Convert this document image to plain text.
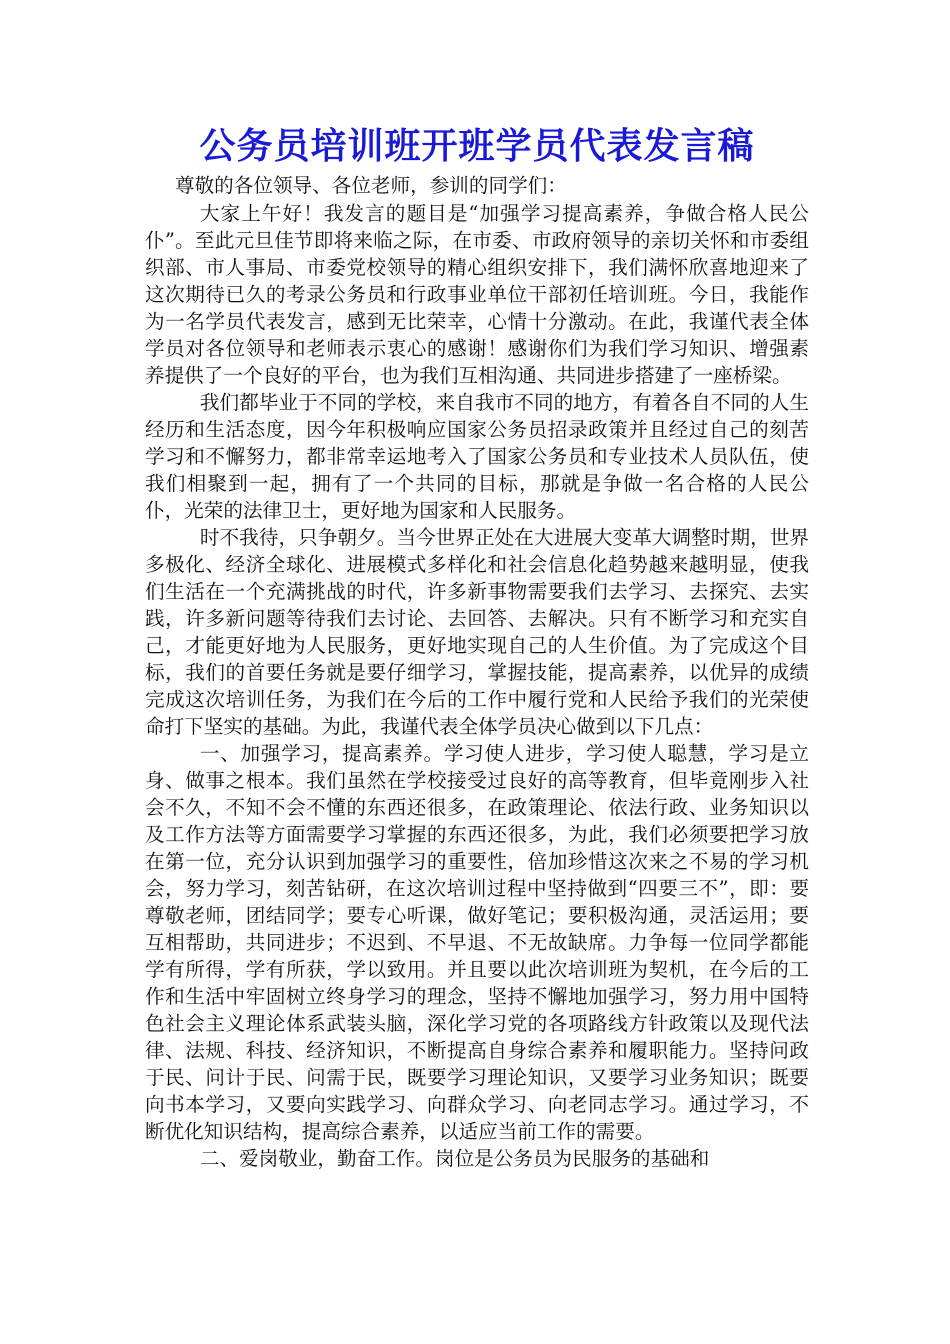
公务员培训班开班学员代表发言稿

尊敬的各位领导、各位老师，参训的同学们：

大家上午好！我发言的题目是“加强学习提高素养，争做合格人民公仆”。至此元旦佳节即将来临之际，在市委、市政府领导的亲切关怀和市委组织部、市人事局、市委党校领导的精心组织安排下，我们满怀欣喜地迎来了这次期待已久的考录公务员和行政事业单位干部初任培训班。今日，我能作为一名学员代表发言，感到无比荣幸，心情十分激动。在此，我谨代表全体学员对各位领导和老师表示衷心的感谢！感谢你们为我们学习知识、增强素养提供了一个良好的平台，也为我们互相沟通、共同进步搭建了一座桥梁。

我们都毕业于不同的学校，来自我市不同的地方，有着各自不同的人生经历和生活态度，因今年积极响应国家公务员招录政策并且经过自己的刻苦学习和不懈努力，都非常幸运地考入了国家公务员和专业技术人员队伍，使我们相聚到一起，拥有了一个共同的目标，那就是争做一名合格的人民公仆，光荣的法律卫士，更好地为国家和人民服务。

时不我待，只争朝夕。当今世界正处在大进展大变革大调整时期，世界多极化、经济全球化、进展模式多样化和社会信息化趋势越来越明显，使我们生活在一个充满挑战的时代，许多新事物需要我们去学习、去探究、去实践，许多新问题等待我们去讨论、去回答、去解决。只有不断学习和充实自己，才能更好地为人民服务，更好地实现自己的人生价值。为了完成这个目标，我们的首要任务就是要仔细学习，掌握技能，提高素养，以优异的成绩完成这次培训任务，为我们在今后的工作中履行党和人民给予我们的光荣使命打下坚实的基础。为此，我谨代表全体学员决心做到以下几点：

一、加强学习，提高素养。学习使人进步，学习使人聪慧，学习是立身、做事之根本。我们虽然在学校接受过良好的高等教育，但毕竟刚步入社会不久，不知不会不懂的东西还很多，在政策理论、依法行政、业务知识以及工作方法等方面需要学习掌握的东西还很多，为此，我们必须要把学习放在第一位，充分认识到加强学习的重要性，倍加珍惜这次来之不易的学习机会，努力学习，刻苦钻研，在这次培训过程中坚持做到“四要三不”，即：要尊敬老师，团结同学；要专心听课，做好笔记；要积极沟通，灵活运用；要互相帮助，共同进步；不迟到、不早退、不无故缺席。力争每一位同学都能学有所得，学有所获，学以致用。并且要以此次培训班为契机，在今后的工作和生活中牢固树立终身学习的理念，坚持不懈地加强学习，努力用中国特色社会主义理论体系武装头脑，深化学习党的各项路线方针政策以及现代法律、法规、科技、经济知识，不断提高自身综合素养和履职能力。坚持问政于民、问计于民、问需于民，既要学习理论知识，又要学习业务知识；既要向书本学习，又要向实践学习、向群众学习、向老同志学习。通过学习，不断优化知识结构，提高综合素养，以适应当前工作的需要。

二、爱岗敬业，勤奋工作。岗位是公务员为民服务的基础和
